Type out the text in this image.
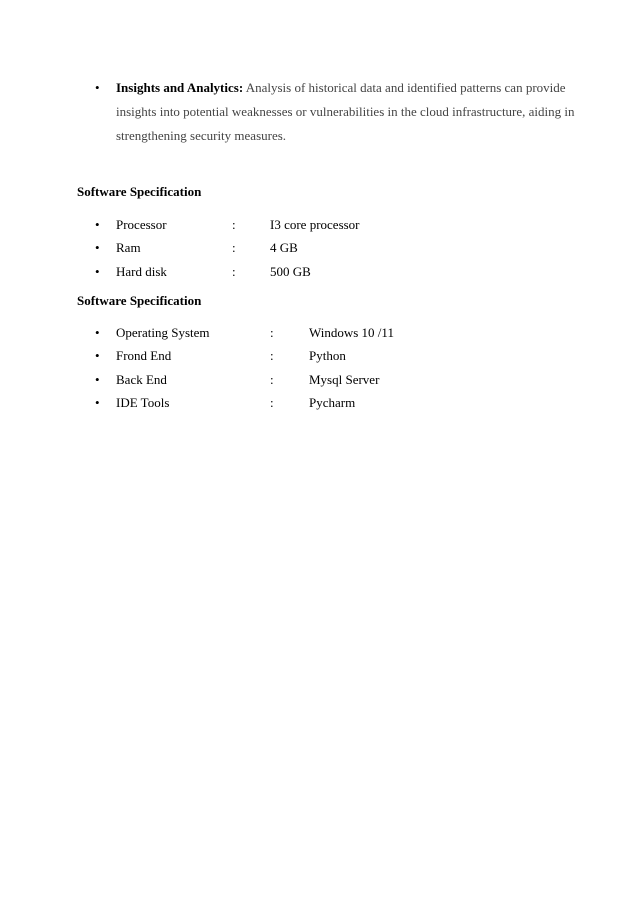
• Insights and Analytics: Analysis of historical data and identified patterns can provide insights into potential weaknesses or vulnerabilities in the cloud infrastructure, aiding in strengthening security measures.
Software Specification
• Processor	:	I3 core processor
• Ram	:	4 GB
• Hard disk	:	500 GB
Software Specification
• Operating System	:	Windows 10 /11
• Frond End	:	Python
• Back End	:	Mysql Server
• IDE Tools	:	Pycharm
